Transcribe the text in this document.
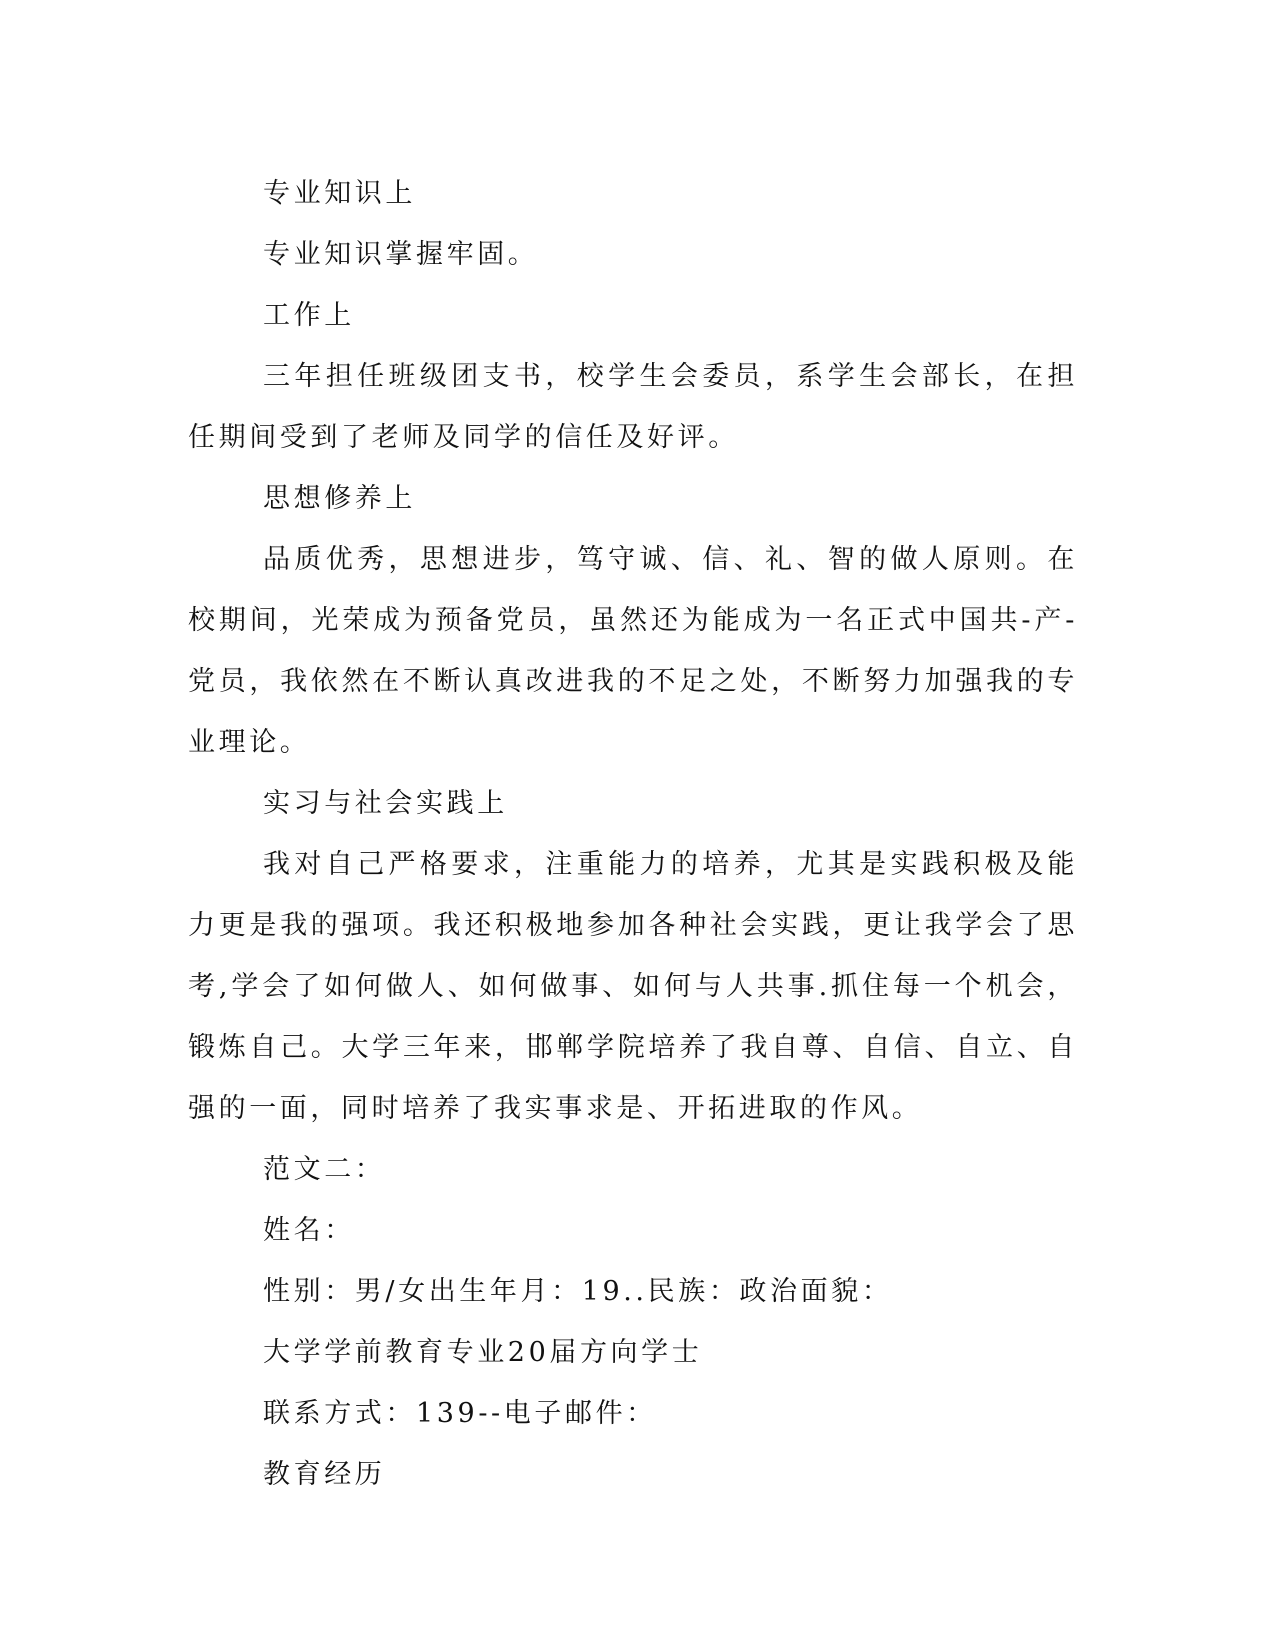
专业知识上

专业知识掌握牢固。

工作上

三年担任班级团支书，校学生会委员，系学生会部长，在担任期间受到了老师及同学的信任及好评。

思想修养上

品质优秀，思想进步，笃守诚、信、礼、智的做人原则。在校期间，光荣成为预备党员，虽然还为能成为一名正式中国共-产-党员，我依然在不断认真改进我的不足之处，不断努力加强我的专业理论。

实习与社会实践上

我对自己严格要求，注重能力的培养，尤其是实践积极及能力更是我的强项。我还积极地参加各种社会实践，更让我学会了思考,学会了如何做人、如何做事、如何与人共事.抓住每一个机会，锻炼自己。大学三年来，邯郸学院培养了我自尊、自信、自立、自强的一面，同时培养了我实事求是、开拓进取的作风。

范文二：

姓名：

性别：男/女出生年月：19..民族：政治面貌：

大学学前教育专业20届方向学士

联系方式：139--电子邮件：

教育经历
